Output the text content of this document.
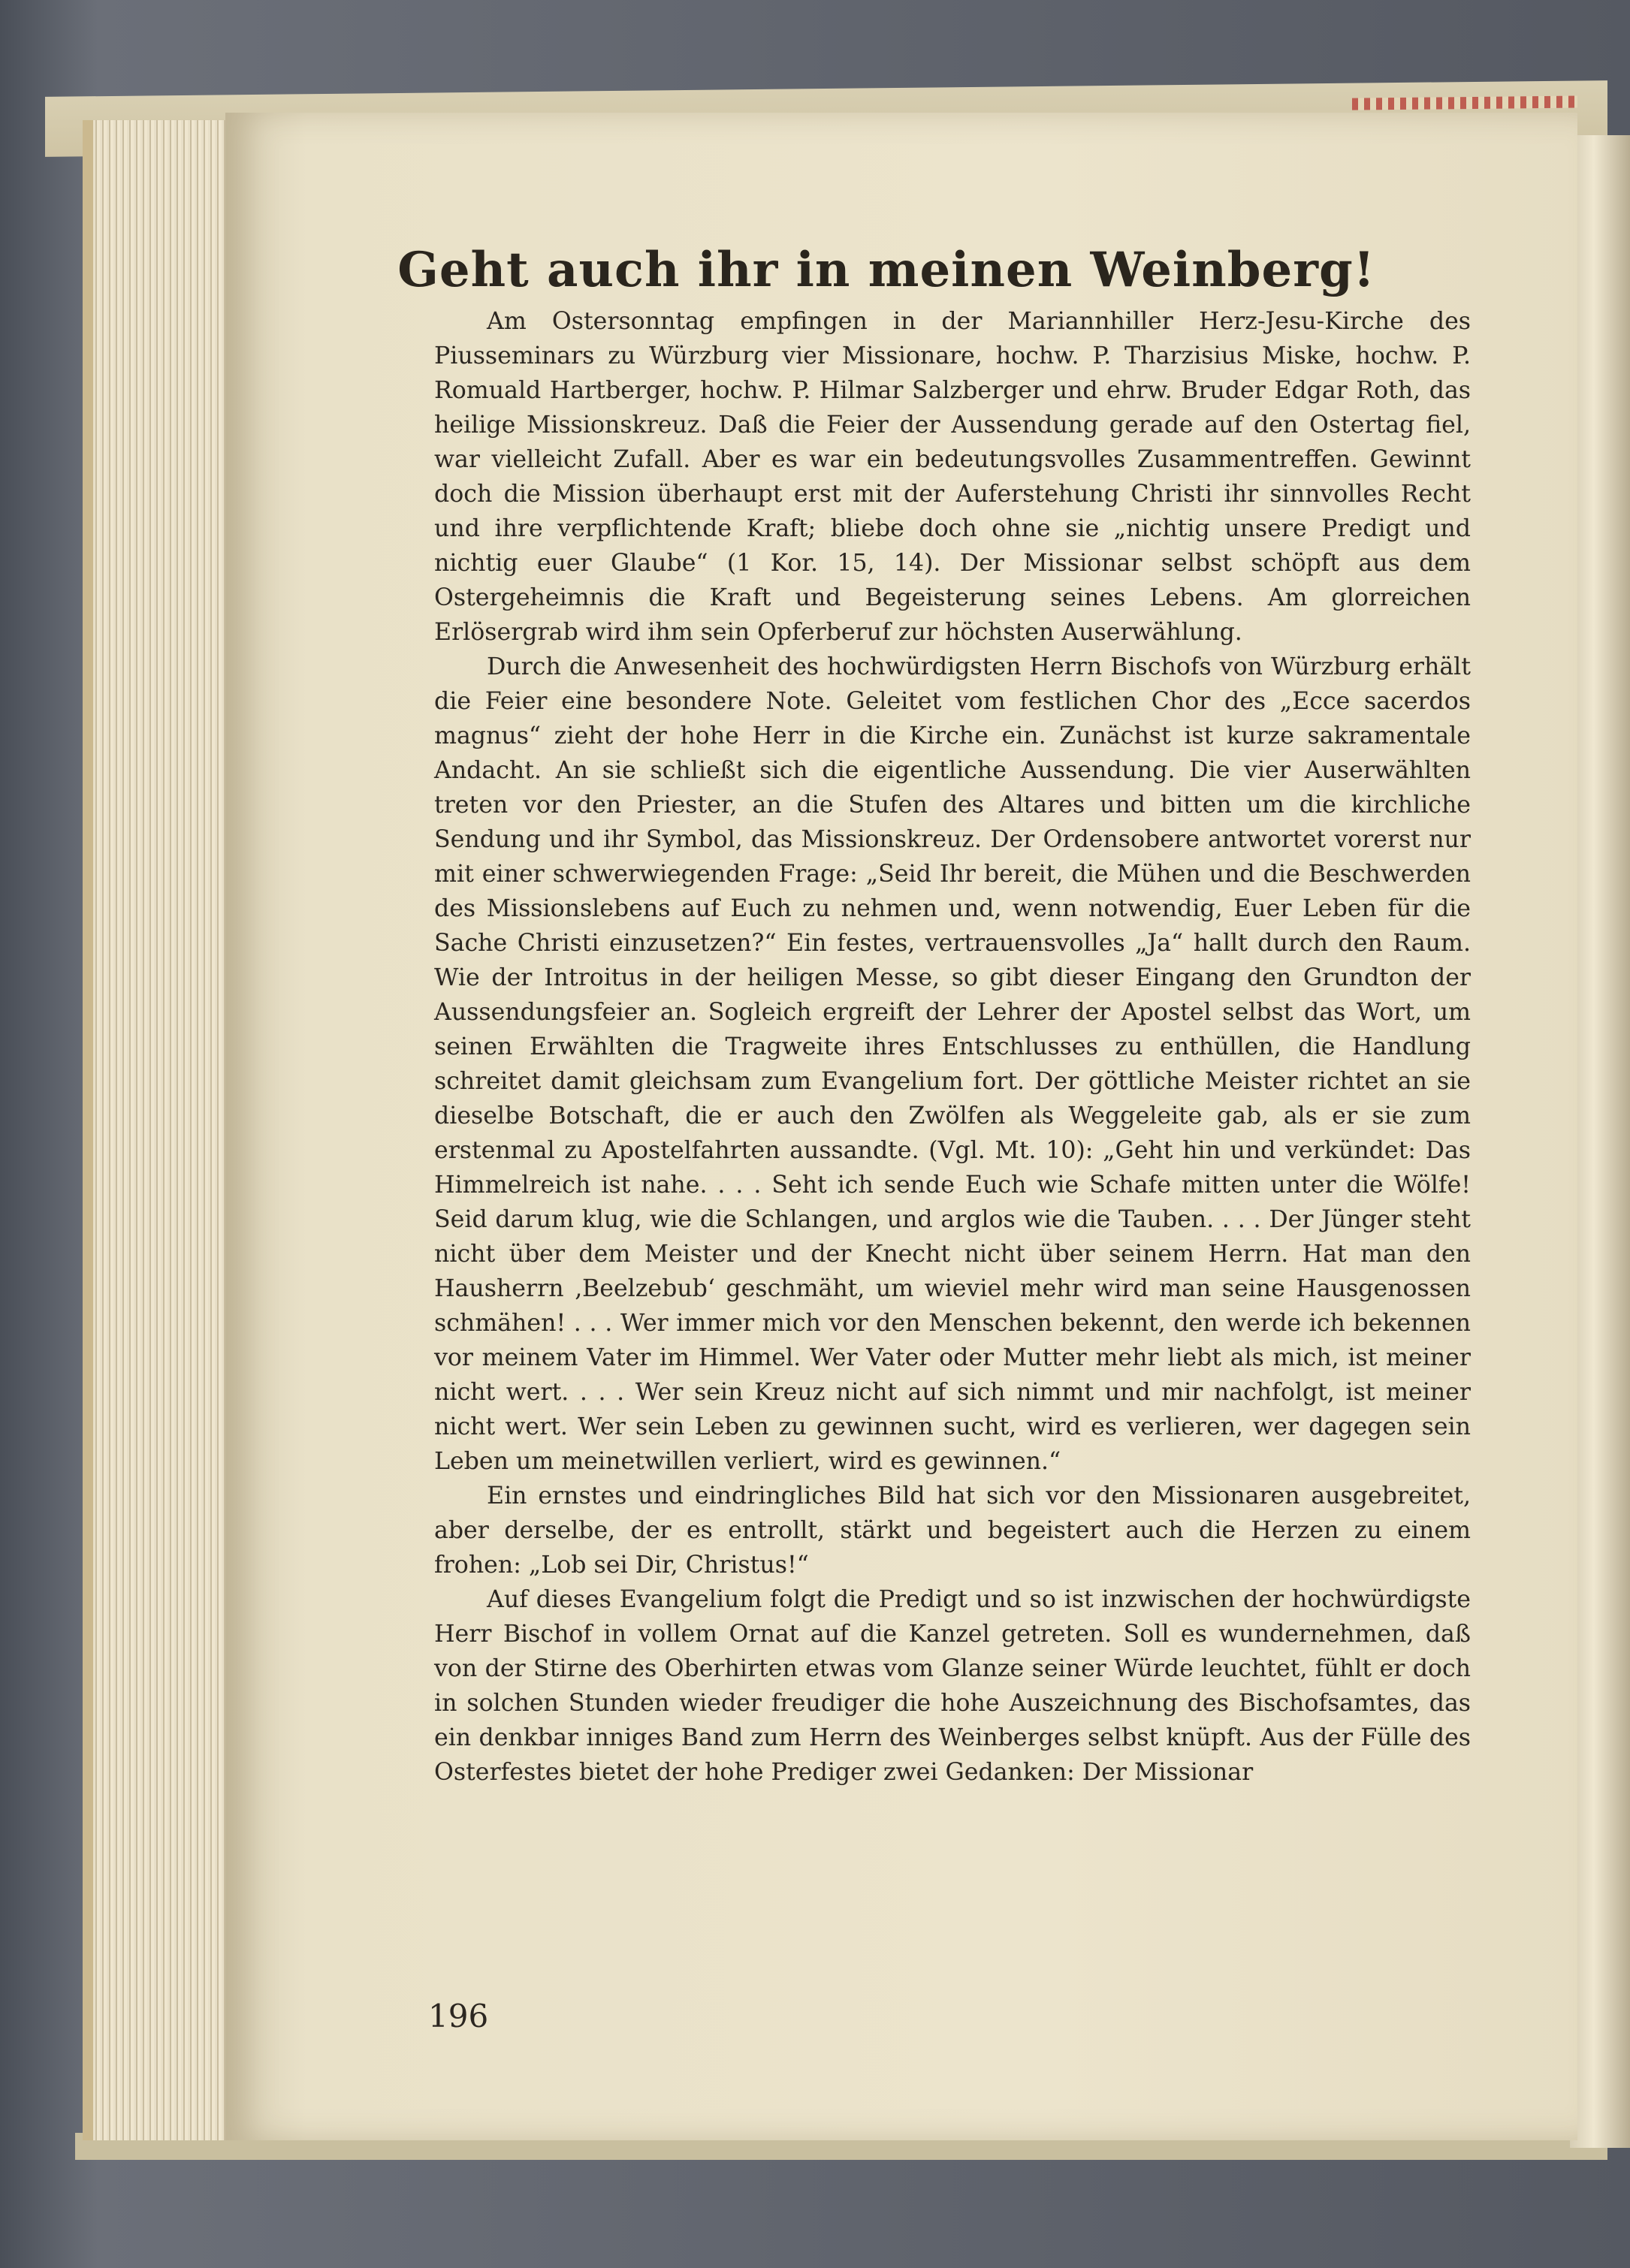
Geht auch ihr in meinen Weinberg!

Am Ostersonntag empfingen in der Mariannhiller Herz-Jesu-Kirche des Piusseminars zu Würzburg vier Missionare, hochw. P. Tharzisius Miske, hochw. P. Romuald Hartberger, hochw. P. Hilmar Salzberger und ehrw. Bruder Edgar Roth, das heilige Missionskreuz. Daß die Feier der Aussendung gerade auf den Ostertag fiel, war vielleicht Zufall. Aber es war ein bedeutungsvolles Zusammentreffen. Gewinnt doch die Mission überhaupt erst mit der Auferstehung Christi ihr sinnvolles Recht und ihre verpflichtende Kraft; bliebe doch ohne sie „nichtig unsere Predigt und nichtig euer Glaube“ (1 Kor. 15, 14). Der Missionar selbst schöpft aus dem Ostergeheimnis die Kraft und Begeisterung seines Lebens. Am glorreichen Erlösergrab wird ihm sein Opferberuf zur höchsten Auserwählung.

Durch die Anwesenheit des hochwürdigsten Herrn Bischofs von Würzburg erhält die Feier eine besondere Note. Geleitet vom festlichen Chor des „Ecce sacerdos magnus“ zieht der hohe Herr in die Kirche ein. Zunächst ist kurze sakramentale Andacht. An sie schließt sich die eigentliche Aussendung. Die vier Auserwählten treten vor den Priester, an die Stufen des Altares und bitten um die kirchliche Sendung und ihr Symbol, das Missionskreuz. Der Ordensobere antwortet vorerst nur mit einer schwerwiegenden Frage: „Seid Ihr bereit, die Mühen und die Beschwerden des Missionslebens auf Euch zu nehmen und, wenn notwendig, Euer Leben für die Sache Christi einzusetzen?“ Ein festes, vertrauensvolles „Ja“ hallt durch den Raum. Wie der Introitus in der heiligen Messe, so gibt dieser Eingang den Grundton der Aussendungsfeier an. Sogleich ergreift der Lehrer der Apostel selbst das Wort, um seinen Erwählten die Tragweite ihres Entschlusses zu enthüllen, die Handlung schreitet damit gleichsam zum Evangelium fort. Der göttliche Meister richtet an sie dieselbe Botschaft, die er auch den Zwölfen als Weggeleite gab, als er sie zum erstenmal zu Apostelfahrten aussandte. (Vgl. Mt. 10): „Geht hin und verkündet: Das Himmelreich ist nahe. . . . Seht ich sende Euch wie Schafe mitten unter die Wölfe! Seid darum klug, wie die Schlangen, und arglos wie die Tauben. . . . Der Jünger steht nicht über dem Meister und der Knecht nicht über seinem Herrn. Hat man den Hausherrn ‚Beelzebub‘ geschmäht, um wieviel mehr wird man seine Hausgenossen schmähen! . . . Wer immer mich vor den Menschen bekennt, den werde ich bekennen vor meinem Vater im Himmel. Wer Vater oder Mutter mehr liebt als mich, ist meiner nicht wert. . . . Wer sein Kreuz nicht auf sich nimmt und mir nachfolgt, ist meiner nicht wert. Wer sein Leben zu gewinnen sucht, wird es verlieren, wer dagegen sein Leben um meinetwillen verliert, wird es gewinnen.“

Ein ernstes und eindringliches Bild hat sich vor den Missionaren ausgebreitet, aber derselbe, der es entrollt, stärkt und begeistert auch die Herzen zu einem frohen: „Lob sei Dir, Christus!“

Auf dieses Evangelium folgt die Predigt und so ist inzwischen der hochwürdigste Herr Bischof in vollem Ornat auf die Kanzel getreten. Soll es wundernehmen, daß von der Stirne des Oberhirten etwas vom Glanze seiner Würde leuchtet, fühlt er doch in solchen Stunden wieder freudiger die hohe Auszeichnung des Bischofsamtes, das ein denkbar inniges Band zum Herrn des Weinberges selbst knüpft. Aus der Fülle des Osterfestes bietet der hohe Prediger zwei Gedanken: Der Missionar

196
